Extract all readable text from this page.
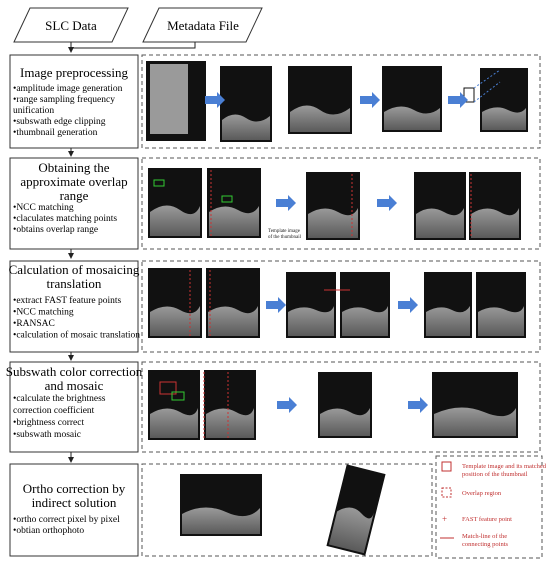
SLC Data	Metadata File
Image preprocessing
•amplitude image generation
•range sampling frequency
unification
•subswath edge clipping
•thumbnail generation
Obtaining the
approximate overlap
range
•NCC matching
•claculates matching points
•obtains overlap range
Calculation of mosaicing
translation
•extract FAST feature points
•NCC matching
•RANSAC
•calculation of mosaic translation
Subswath color correction
and mosaic
•calculate the brightness
correction coefficient
•brightness correct
•subswath mosaic
Ortho correction by
indirect solution
•ortho correct pixel by pixel
•obtian orthophoto
Template image
of the thumbnail
Template image and its matched
position of the thumbnail
Overlap region
+ FAST feature point
Match-line of the
connecting points
